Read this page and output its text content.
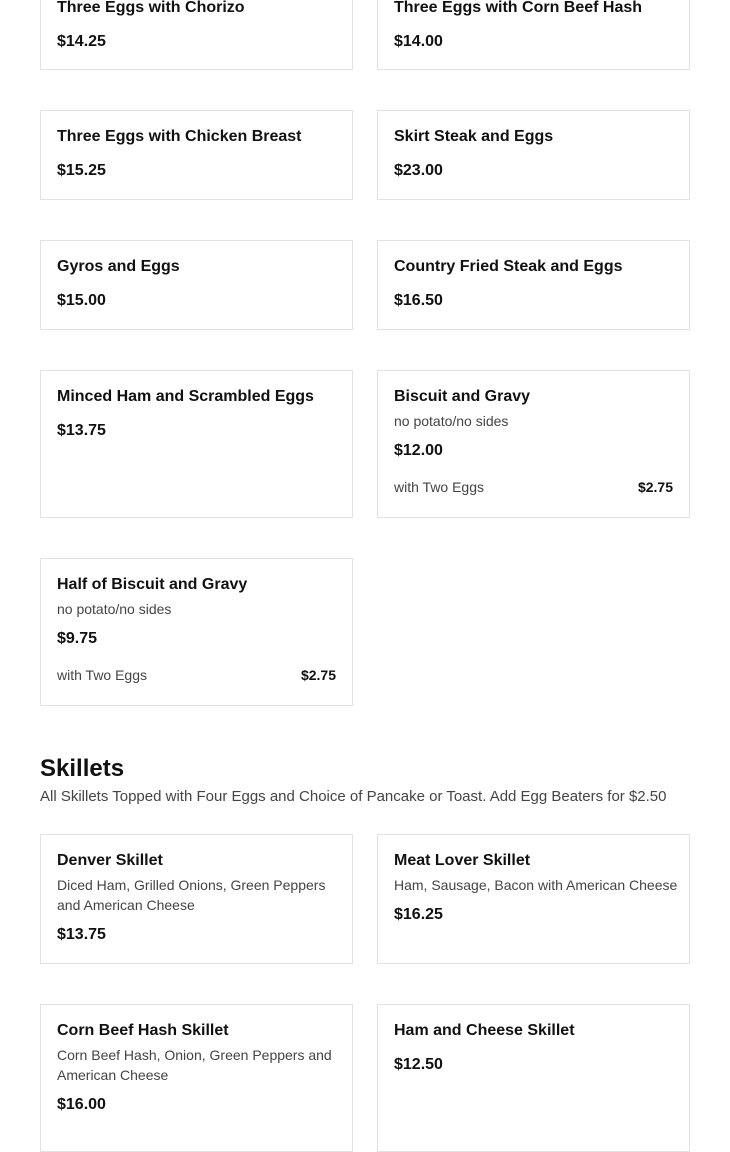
Three Eggs with Chorizo
$14.25
Three Eggs with Corn Beef Hash
$14.00
Three Eggs with Chicken Breast
$15.25
Skirt Steak and Eggs
$23.00
Gyros and Eggs
$15.00
Country Fried Steak and Eggs
$16.50
Minced Ham and Scrambled Eggs
$13.75
Biscuit and Gravy
no potato/no sides
$12.00
with Two Eggs	$2.75
Half of Biscuit and Gravy
no potato/no sides
$9.75
with Two Eggs	$2.75
Skillets
All Skillets Topped with Four Eggs and Choice of Pancake or Toast. Add Egg Beaters for $2.50
Denver Skillet
Diced Ham, Grilled Onions, Green Peppers and American Cheese
$13.75
Meat Lover Skillet
Ham, Sausage, Bacon with American Cheese
$16.25
Corn Beef Hash Skillet
Corn Beef Hash, Onion, Green Peppers and American Cheese
$16.00
Ham and Cheese Skillet
$12.50
